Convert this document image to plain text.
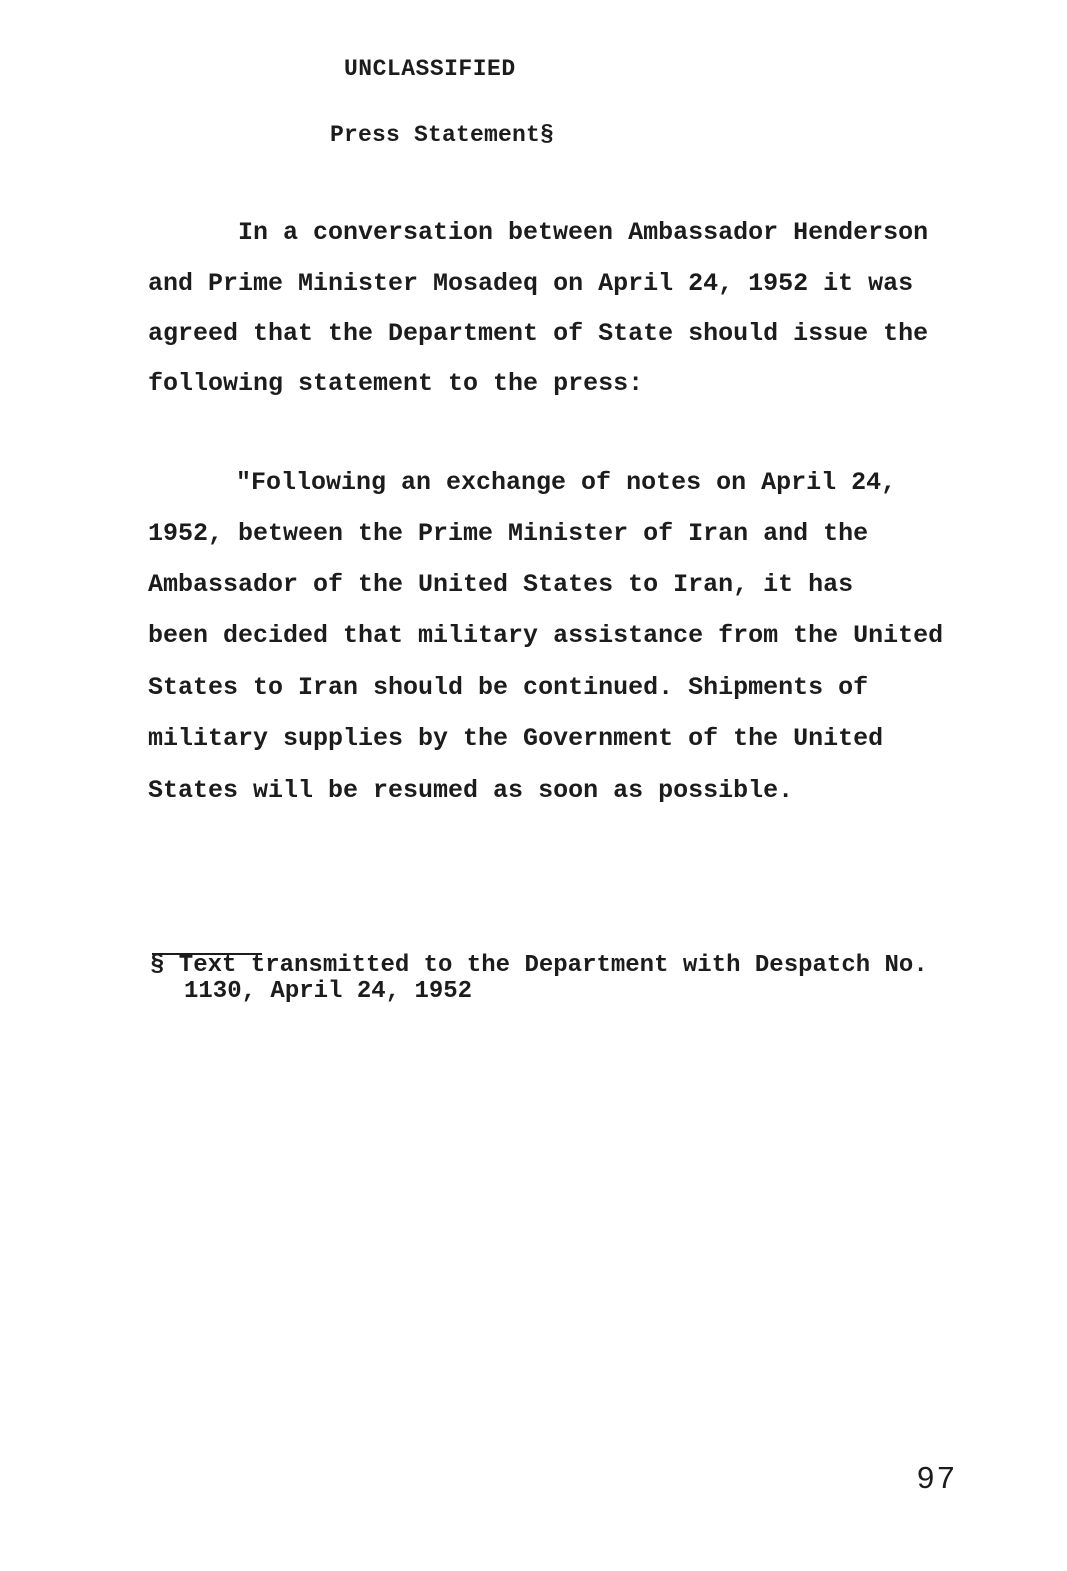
UNCLASSIFIED
Press Statement§
In a conversation between Ambassador Henderson
and Prime Minister Mosadeq on April 24, 1952 it was
agreed that the Department of State should issue the
following statement to the press:
"Following an exchange of notes on April 24,
1952, between the Prime Minister of Iran and the
Ambassador of the United States to Iran, it has
been decided that military assistance from the United
States to Iran should be continued. Shipments of
military supplies by the Government of the United
States will be resumed as soon as possible.
§ Text transmitted to the Department with Despatch No.
1130, April 24, 1952
97
